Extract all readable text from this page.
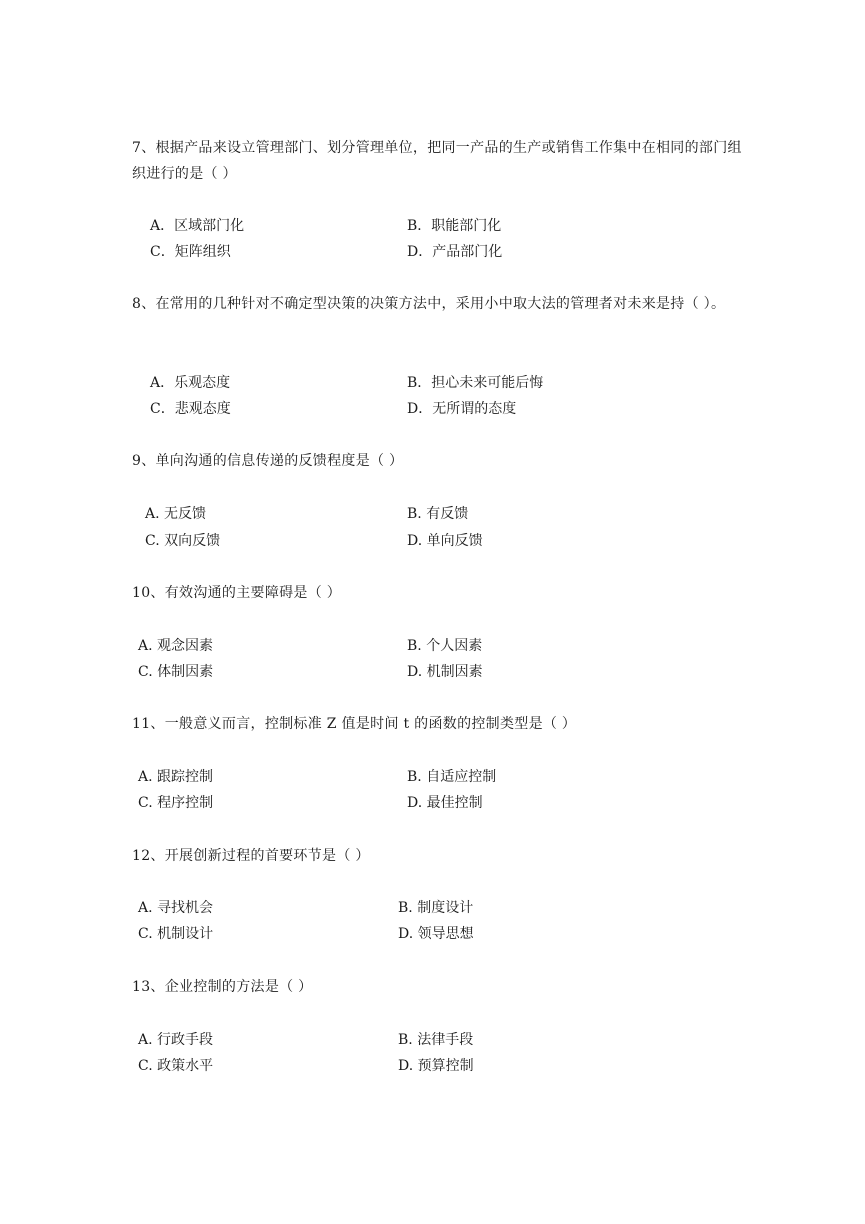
7、根据产品来设立管理部门、划分管理单位，把同一产品的生产或销售工作集中在相同的部门组织进行的是（ ）
A．区域部门化	B．职能部门化
C．矩阵组织	D．产品部门化
8、在常用的几种针对不确定型决策的决策方法中，采用小中取大法的管理者对未来是持（ ）。
A．乐观态度	B．担心未来可能后悔
C．悲观态度	D．无所谓的态度
9、单向沟通的信息传递的反馈程度是（ ）
A. 无反馈	B. 有反馈
C. 双向反馈	D. 单向反馈
10、有效沟通的主要障碍是（ ）
A. 观念因素	B. 个人因素
C. 体制因素	D. 机制因素
11、一般意义而言，控制标准 Z 值是时间 t 的函数的控制类型是（ ）
A. 跟踪控制	B. 自适应控制
C. 程序控制	D. 最佳控制
12、开展创新过程的首要环节是（ ）
A. 寻找机会	B. 制度设计
C. 机制设计	D. 领导思想
13、企业控制的方法是（ ）
A. 行政手段	B. 法律手段
C. 政策水平	D. 预算控制
